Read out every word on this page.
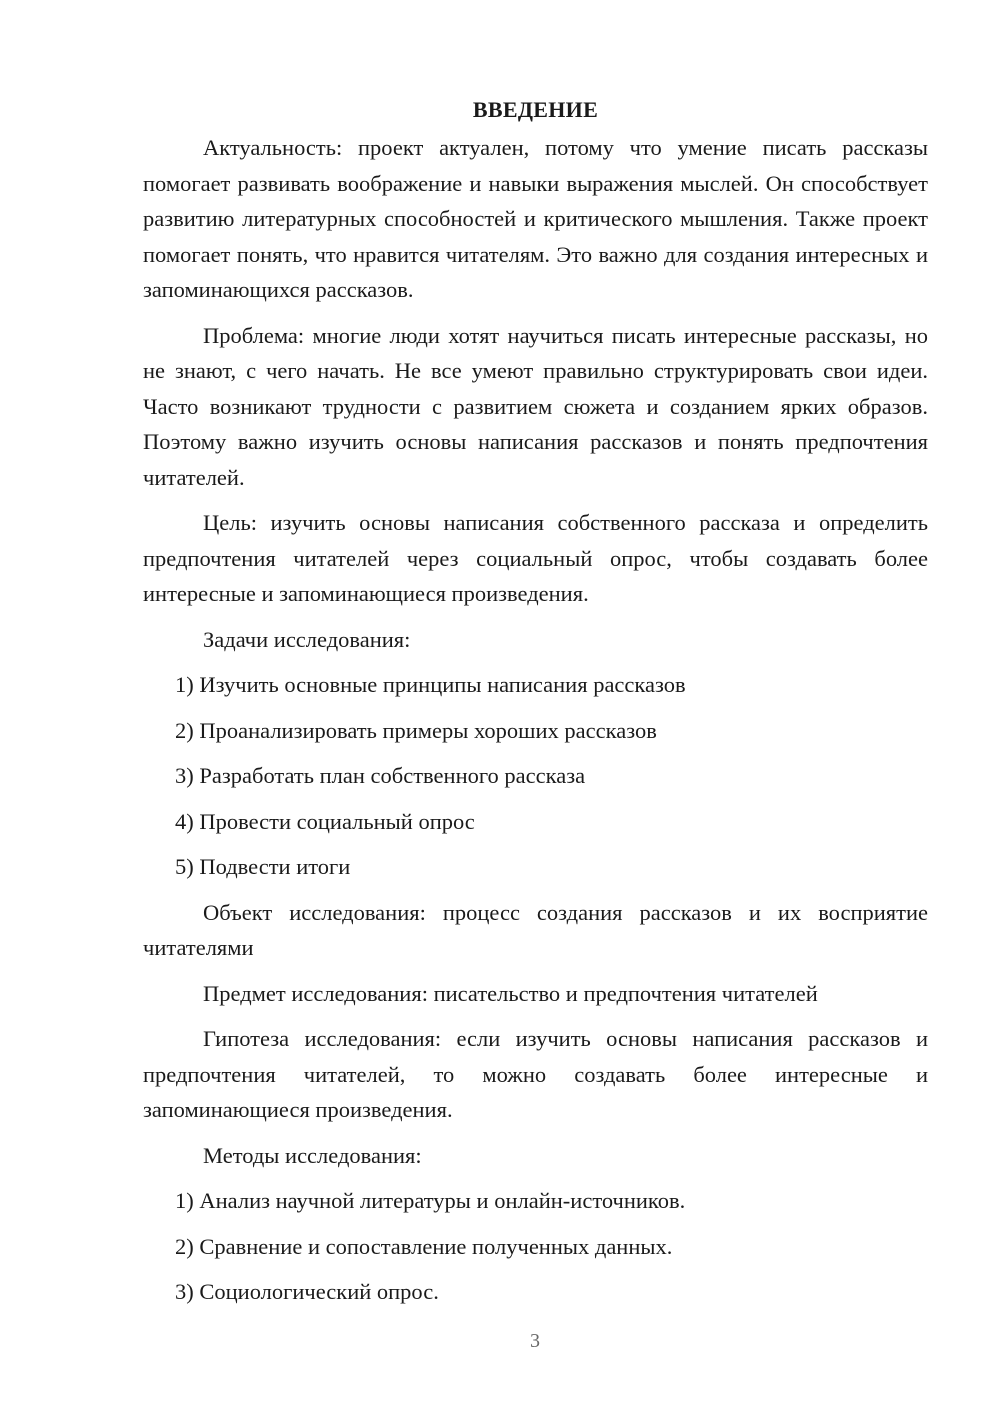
ВВЕДЕНИЕ

Актуальность: проект актуален, потому что умение писать рассказы помогает развивать воображение и навыки выражения мыслей. Он способствует развитию литературных способностей и критического мышления. Также проект помогает понять, что нравится читателям. Это важно для создания интересных и запоминающихся рассказов.

Проблема: многие люди хотят научиться писать интересные рассказы, но не знают, с чего начать. Не все умеют правильно структурировать свои идеи. Часто возникают трудности с развитием сюжета и созданием ярких образов. Поэтому важно изучить основы написания рассказов и понять предпочтения читателей.

Цель: изучить основы написания собственного рассказа и определить предпочтения читателей через социальный опрос, чтобы создавать более интересные и запоминающиеся произведения.

Задачи исследования:

1) Изучить основные принципы написания рассказов
2) Проанализировать примеры хороших рассказов
3) Разработать план собственного рассказа
4) Провести социальный опрос
5) Подвести итоги

Объект исследования: процесс создания рассказов и их восприятие читателями

Предмет исследования: писательство и предпочтения читателей

Гипотеза исследования: если изучить основы написания рассказов и предпочтения читателей, то можно создавать более интересные и запоминающиеся произведения.

Методы исследования:

1) Анализ научной литературы и онлайн-источников.
2) Сравнение и сопоставление полученных данных.
3) Социологический опрос.
3
